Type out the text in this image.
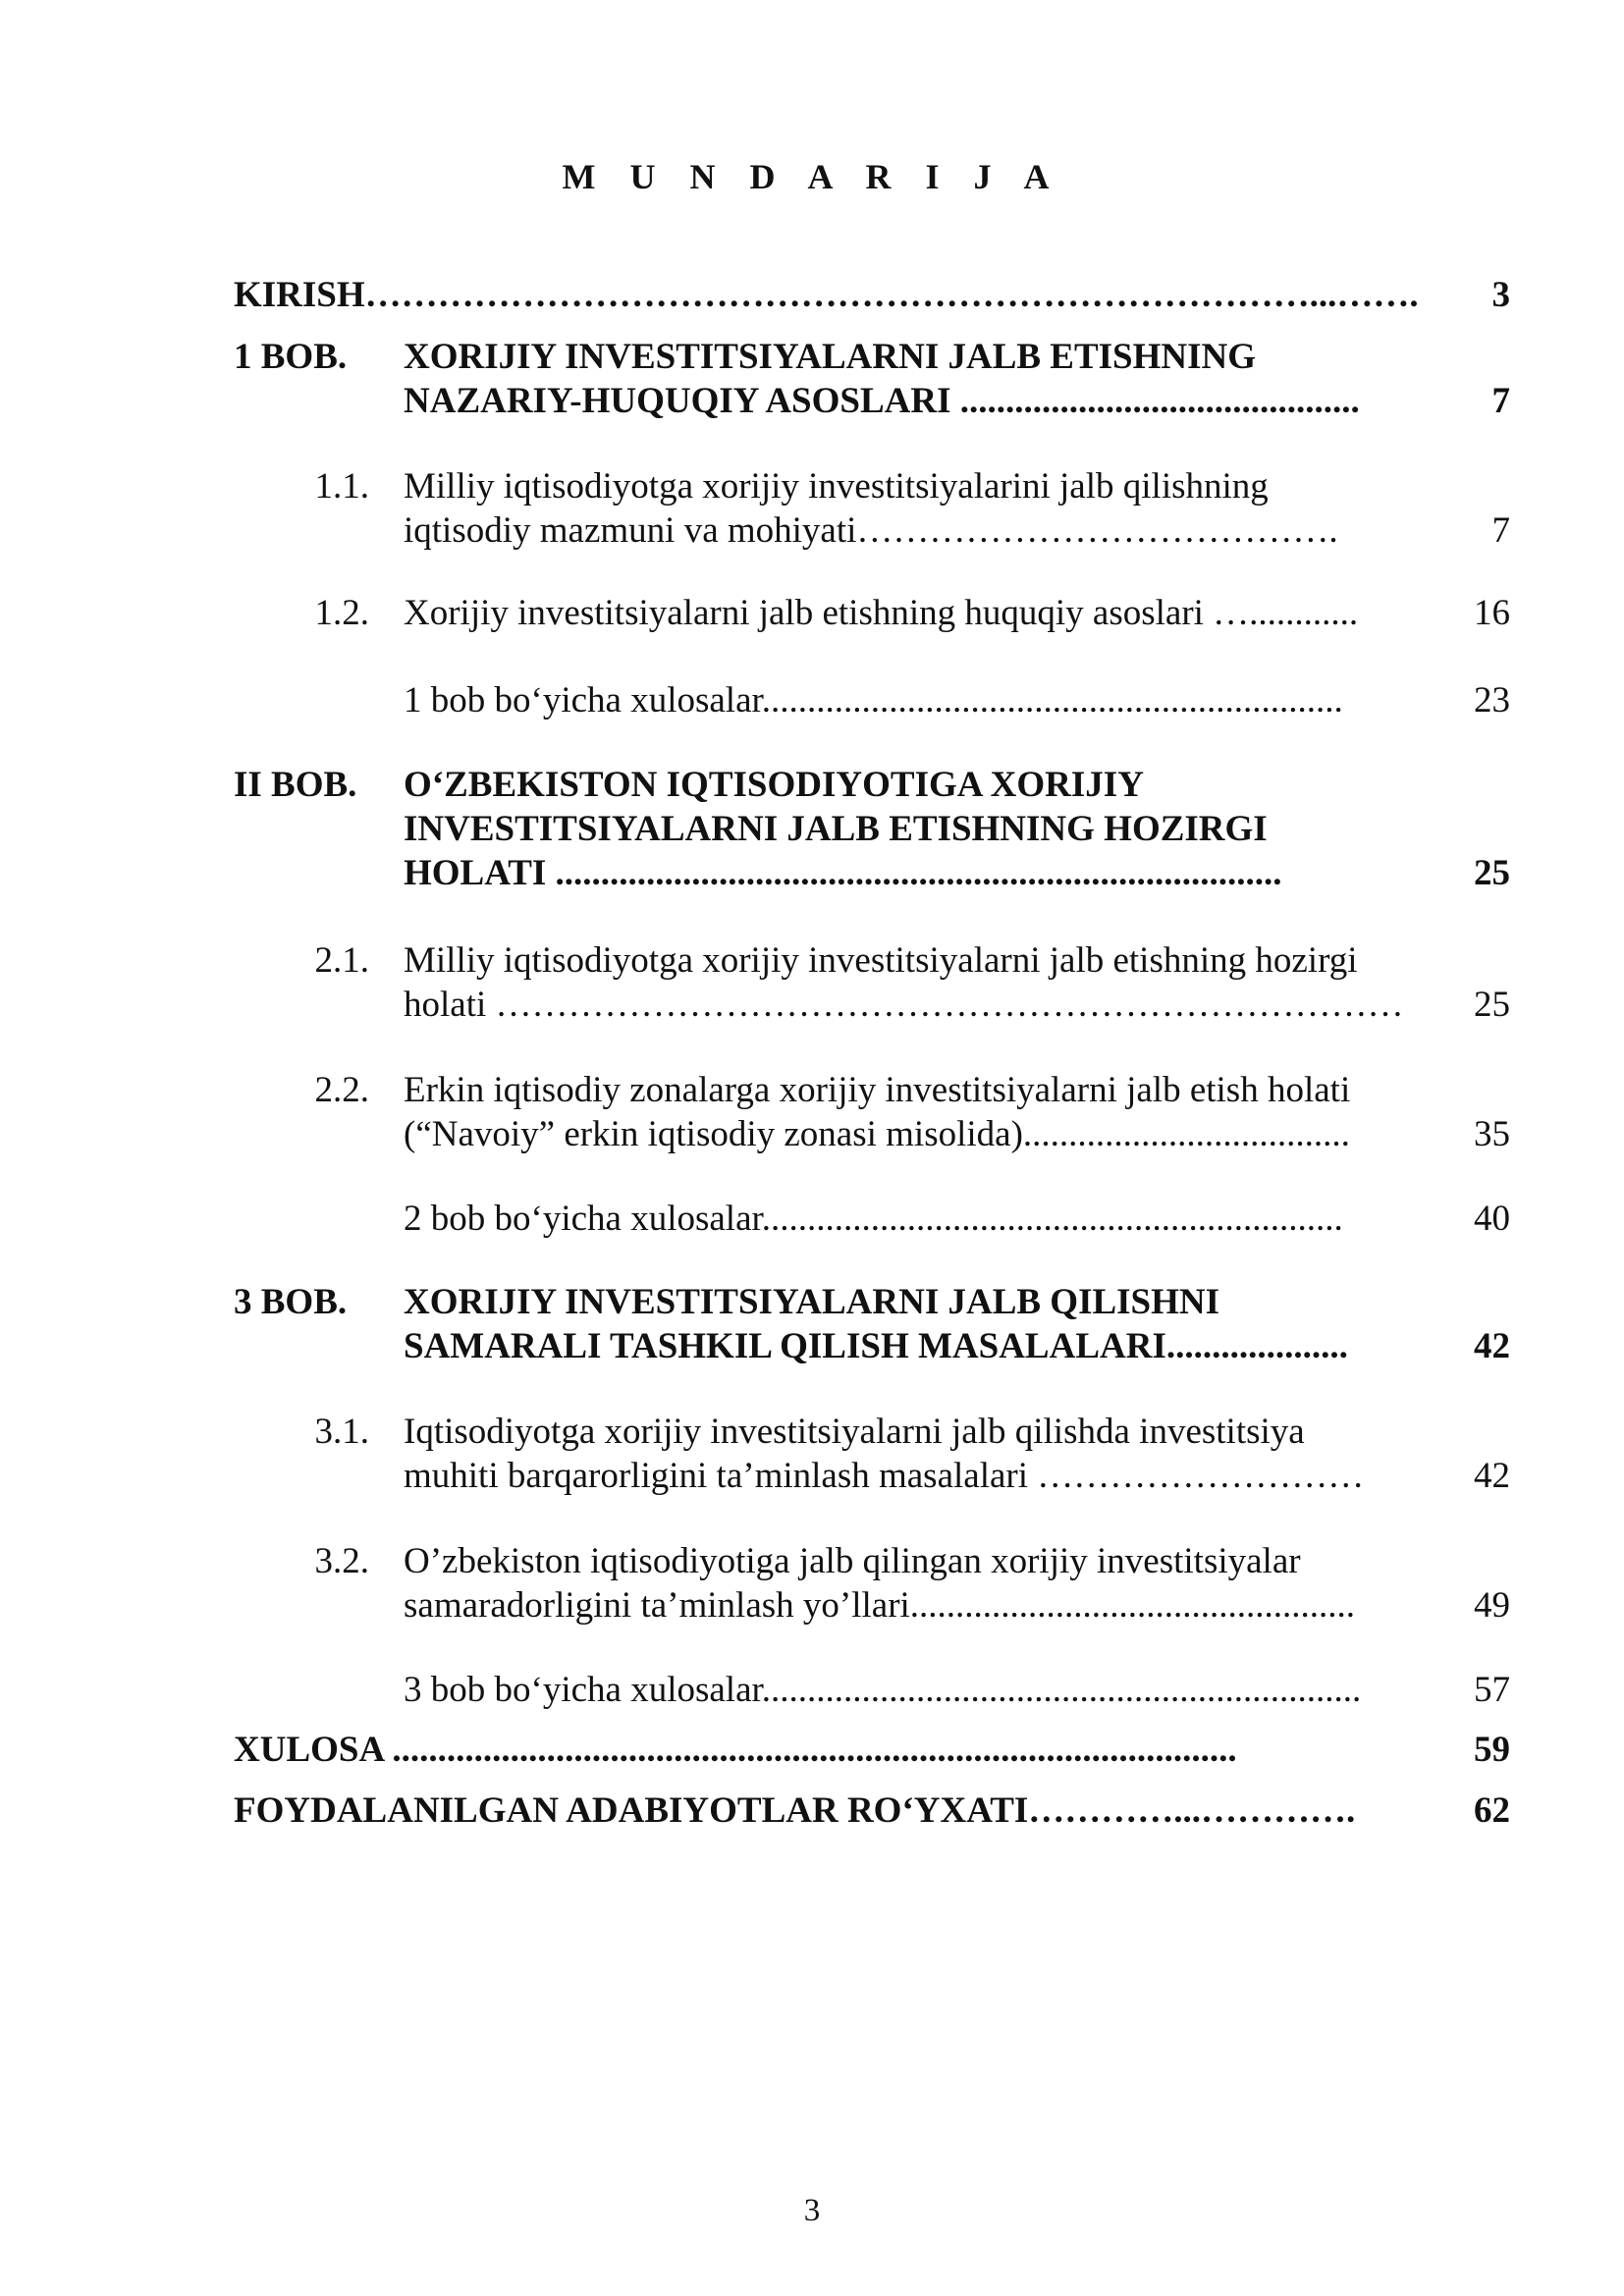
M U N D A R I J A
KIRISH……………………………………………………………………...…….	3
1 BOB. XORIJIY INVESTITSIYALARNI JALB ETISHNING
NAZARIY-HUQUQIY ASOSLARI ............................................	7
1.1. Milliy iqtisodiyotga xorijiy investitsiyalarini jalb qilishning
iqtisodiy mazmuni va mohiyati………………………………….	7
1.2. Xorijiy investitsiyalarni jalb etishning huquqiy asoslari …............	16
1 bob bo‘yicha xulosalar................................................................	23
II BOB. O‘ZBEKISTON IQTISODIYOTIGA XORIJIY
INVESTITSIYALARNI JALB ETISHNING HOZIRGI
HOLATI ................................................................................	25
2.1. Milliy iqtisodiyotga xorijiy investitsiyalarni jalb etishning hozirgi
holati …………………………………………………………………	25
2.2. Erkin iqtisodiy zonalarga xorijiy investitsiyalarni jalb etish holati
(“Navoiy” erkin iqtisodiy zonasi misolida)....................................	35
2 bob bo‘yicha xulosalar................................................................	40
3 BOB. XORIJIY INVESTITSIYALARNI JALB QILISHNI
SAMARALI TASHKIL QILISH MASALALARI....................	42
3.1. Iqtisodiyotga xorijiy investitsiyalarni jalb qilishda investitsiya
muhiti barqarorligini ta’minlash masalalari ………………………	42
3.2. O’zbekiston iqtisodiyotiga jalb qilingan xorijiy investitsiyalar
samaradorligini ta’minlash yo’llari.................................................	49
3 bob bo‘yicha xulosalar..................................................................	57
XULOSA .............................................................................................	59
FOYDALANILGAN ADABIYOTLAR RO‘YXATI…………...………….	62
3
